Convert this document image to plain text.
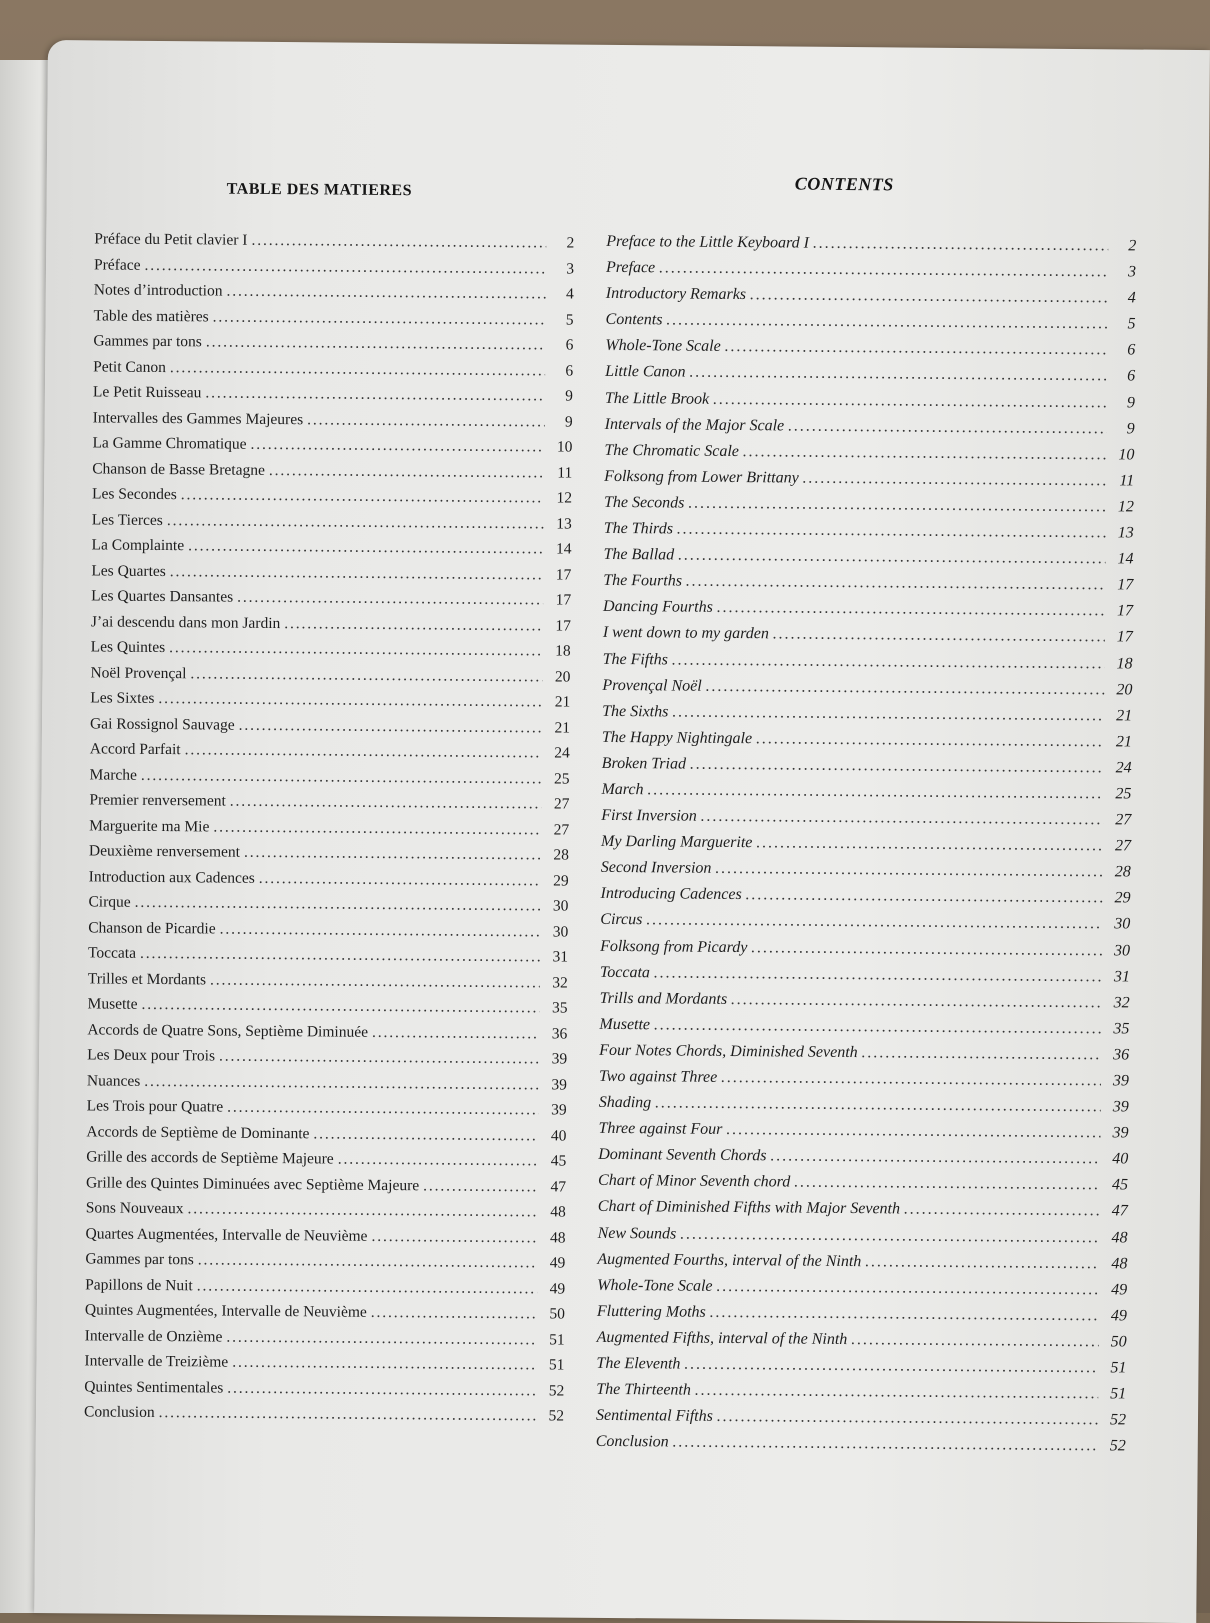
TABLE DES MATIERES
Préface du Petit clavier I . . .	2
Préface . . .	3
Notes d’introduction . . .	4
Table des matières . . .	5
Gammes par tons . . .	6
Petit Canon . . .	6
Le Petit Ruisseau . . .	9
Intervalles des Gammes Majeures . . .	9
La Gamme Chromatique . . .	10
Chanson de Basse Bretagne . . .	11
Les Secondes . . .	12
Les Tierces . . .	13
La Complainte . . .	14
Les Quartes . . .	17
Les Quartes Dansantes . . .	17
J’ai descendu dans mon Jardin . . .	17
Les Quintes . . .	18
Noël Provençal . . .	20
Les Sixtes . . .	21
Gai Rossignol Sauvage . . .	21
Accord Parfait . . .	24
Marche . . .	25
Premier renversement . . .	27
Marguerite ma Mie . . .	27
Deuxième renversement . . .	28
Introduction aux Cadences . . .	29
Cirque . . .	30
Chanson de Picardie . . .	30
Toccata . . .	31
Trilles et Mordants . . .	32
Musette . . .	35
Accords de Quatre Sons, Septième Diminuée . . .	36
Les Deux pour Trois . . .	39
Nuances . . .	39
Les Trois pour Quatre . . .	39
Accords de Septième de Dominante . . .	40
Grille des accords de Septième Majeure . . .	45
Grille des Quintes Diminuées avec Septième Majeure . . .	47
Sons Nouveaux . . .	48
Quartes Augmentées, Intervalle de Neuvième . . .	48
Gammes par tons . . .	49
Papillons de Nuit . . .	49
Quintes Augmentées, Intervalle de Neuvième . . .	50
Intervalle de Onzième . . .	51
Intervalle de Treizième . . .	51
Quintes Sentimentales . . .	52
Conclusion . . .	52
CONTENTS
Preface to the Little Keyboard I . . .	2
Preface . . .	3
Introductory Remarks . . .	4
Contents . . .	5
Whole-Tone Scale . . .	6
Little Canon . . .	6
The Little Brook . . .	9
Intervals of the Major Scale . . .	9
The Chromatic Scale . . .	10
Folksong from Lower Brittany . . .	11
The Seconds . . .	12
The Thirds . . .	13
The Ballad . . .	14
The Fourths . . .	17
Dancing Fourths . . .	17
I went down to my garden . . .	17
The Fifths . . .	18
Provençal Noël . . .	20
The Sixths . . .	21
The Happy Nightingale . . .	21
Broken Triad . . .	24
March . . .	25
First Inversion . . .	27
My Darling Marguerite . . .	27
Second Inversion . . .	28
Introducing Cadences . . .	29
Circus . . .	30
Folksong from Picardy . . .	30
Toccata . . .	31
Trills and Mordants . . .	32
Musette . . .	35
Four Notes Chords, Diminished Seventh . . .	36
Two against Three . . .	39
Shading . . .	39
Three against Four . . .	39
Dominant Seventh Chords . . .	40
Chart of Minor Seventh chord . . .	45
Chart of Diminished Fifths with Major Seventh . . .	47
New Sounds . . .	48
Augmented Fourths, interval of the Ninth . . .	48
Whole-Tone Scale . . .	49
Fluttering Moths . . .	49
Augmented Fifths, interval of the Ninth . . .	50
The Eleventh . . .	51
The Thirteenth . . .	51
Sentimental Fifths . . .	52
Conclusion . . .	52
